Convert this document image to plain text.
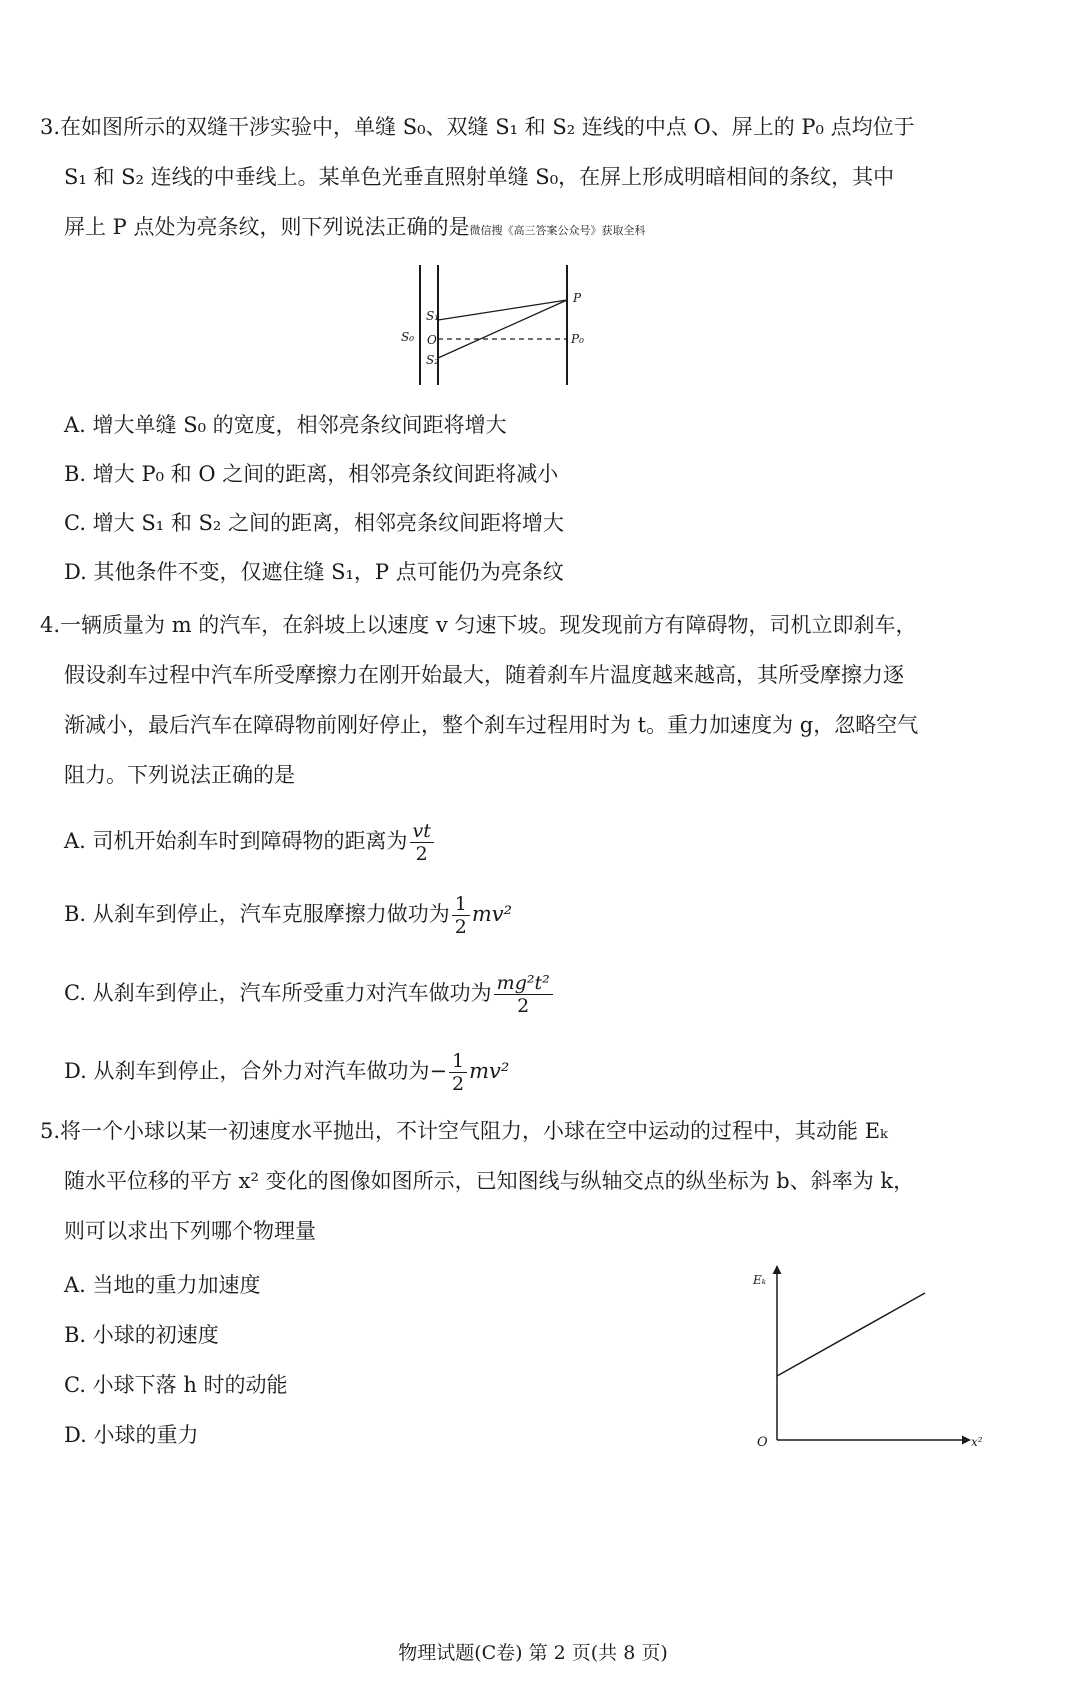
3.在如图所示的双缝干涉实验中，单缝 S₀、双缝 S₁ 和 S₂ 连线的中点 O、屏上的 P₀ 点均位于
S₁ 和 S₂ 连线的中垂线上。某单色光垂直照射单缝 S₀，在屏上形成明暗相间的条纹，其中
屏上 P 点处为亮条纹，则下列说法正确的是微信搜《高三答案公众号》获取全科
S₁
O
S₂
S₀
P
P₀
A. 增大单缝 S₀ 的宽度，相邻亮条纹间距将增大
B. 增大 P₀ 和 O 之间的距离，相邻亮条纹间距将减小
C. 增大 S₁ 和 S₂ 之间的距离，相邻亮条纹间距将增大
D. 其他条件不变，仅遮住缝 S₁，P 点可能仍为亮条纹
4.一辆质量为 m 的汽车，在斜坡上以速度 v 匀速下坡。现发现前方有障碍物，司机立即刹车，
假设刹车过程中汽车所受摩擦力在刚开始最大，随着刹车片温度越来越高，其所受摩擦力逐
渐减小，最后汽车在障碍物前刚好停止，整个刹车过程用时为 t。重力加速度为 g，忽略空气
阻力。下列说法正确的是
A. 司机开始刹车时到障碍物的距离为 $\frac{vt}{2}$
B. 从刹车到停止，汽车克服摩擦力做功为 $\frac{1}{2} mv^2$
C. 从刹车到停止，汽车所受重力对汽车做功为 $\frac{\text{mg²t²}}{2}$
D. 从刹车到停止，合外力对汽车做功为− $\frac{1}{2} mv^2$
5.将一个小球以某一初速度水平抛出，不计空气阻力，小球在空中运动的过程中，其动能 Eₖ
随水平位移的平方 x² 变化的图像如图所示，已知图线与纵轴交点的纵坐标为 b、斜率为 k，
则可以求出下列哪个物理量
A. 当地的重力加速度
B. 小球的初速度
C. 小球下落 h 时的动能
D. 小球的重力
Eₖ
x²
O
物理试题(C卷) 第 2 页(共 8 页)
